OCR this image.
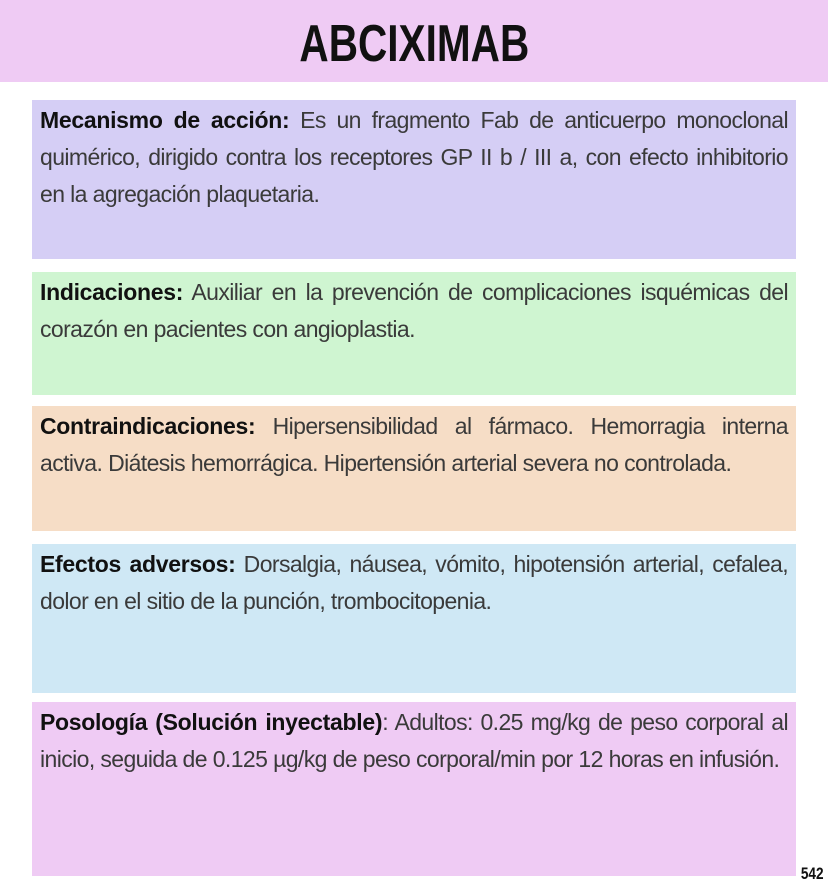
ABCIXIMAB

Mecanismo de acción: Es un fragmento Fab de anticuerpo monoclonal quimérico, dirigido contra los receptores GP II b / III a, con efecto inhibitorio en la agregación plaquetaria.

Indicaciones: Auxiliar en la prevención de complicaciones isquémicas del corazón en pacientes con angioplastia.

Contraindicaciones: Hipersensibilidad al fármaco. Hemorragia interna activa. Diátesis hemorrágica. Hipertensión arterial severa no controlada.

Efectos adversos: Dorsalgia, náusea, vómito, hipotensión arterial, cefalea, dolor en el sitio de la punción, trombocitopenia.

Posología (Solución inyectable): Adultos: 0.25 mg/kg de peso corporal al inicio, seguida de 0.125 µg/kg de peso corporal/min por 12 horas en infusión.

542
